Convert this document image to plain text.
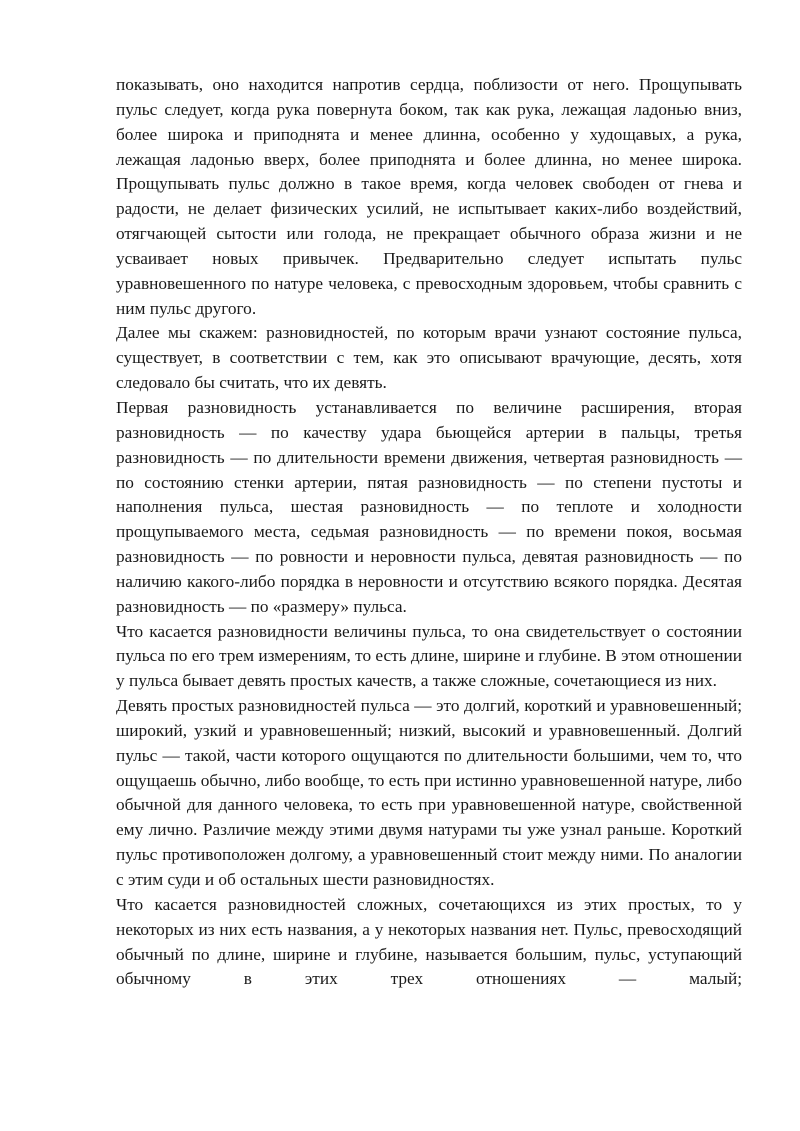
показывать, оно находится напротив сердца, поблизости от него. Прощупывать пульс следует, когда рука повернута боком, так как рука, лежащая ладонью вниз, более широка и приподнята и менее длинна, особенно у худощавых, а рука, лежащая ладонью вверх, более приподнята и более длинна, но менее широка. Прощупывать пульс должно в такое время, когда человек свободен от гнева и радости, не делает физических усилий, не испытывает каких-либо воздействий, отягчающей сытости или голода, не прекращает обычного образа жизни и не усваивает новых привычек. Предварительно следует испытать пульс уравновешенного по натуре человека, с превосходным здоровьем, чтобы сравнить с ним пульс другого.

Далее мы скажем: разновидностей, по которым врачи узнают состояние пульса, существует, в соответствии с тем, как это описывают врачующие, десять, хотя следовало бы считать, что их девять.

Первая разновидность устанавливается по величине расширения, вторая разновидность — по качеству удара бьющейся артерии в пальцы, третья разновидность — по длительности времени движения, четвертая разновидность — по состоянию стенки артерии, пятая разновидность — по степени пустоты и наполнения пульса, шестая разновидность — по теплоте и холодности прощупываемого места, седьмая разновидность — по времени покоя, восьмая разновидность — по ровности и неровности пульса, девятая разновидность — по наличию какого-либо порядка в неровности и отсутствию всякого порядка. Десятая разновидность — по «размеру» пульса.

Что касается разновидности величины пульса, то она свидетельствует о состоянии пульса по его трем измерениям, то есть длине, ширине и глубине. В этом отношении у пульса бывает девять простых качеств, а также сложные, сочетающиеся из них.

Девять простых разновидностей пульса — это долгий, короткий и уравновешенный; широкий, узкий и уравновешенный; низкий, высокий и уравновешенный. Долгий пульс — такой, части которого ощущаются по длительности большими, чем то, что ощущаешь обычно, либо вообще, то есть при истинно уравновешенной натуре, либо обычной для данного человека, то есть при уравновешенной натуре, свойственной ему лично. Различие между этими двумя натурами ты уже узнал раньше. Короткий пульс противоположен долгому, а уравновешенный стоит между ними. По аналогии с этим суди и об остальных шести разновидностях.

Что касается разновидностей сложных, сочетающихся из этих простых, то у некоторых из них есть названия, а у некоторых названия нет. Пульс, превосходящий обычный по длине, ширине и глубине, называется большим, пульс, уступающий обычному в этих трех отношениях — малый;
